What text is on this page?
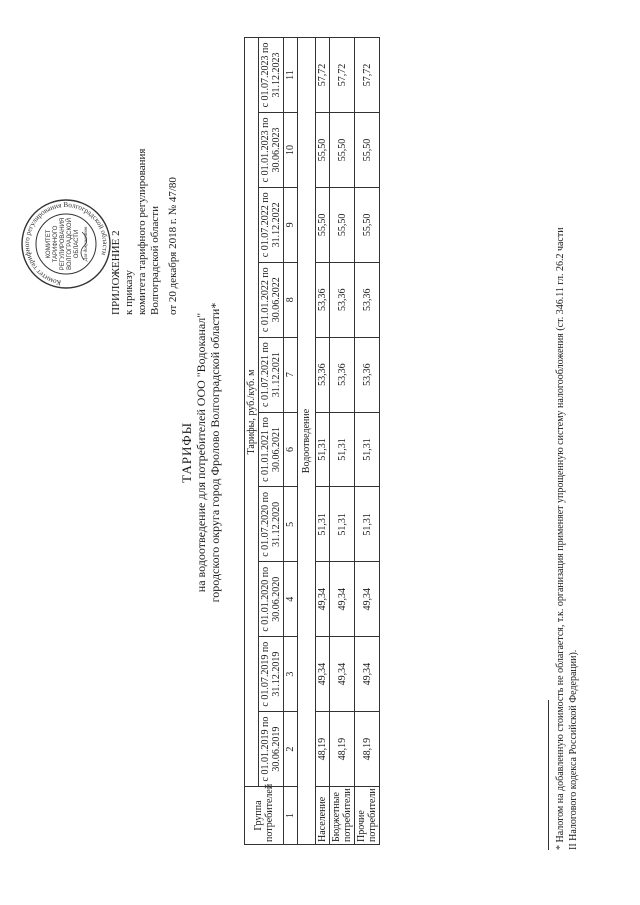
Комитет тарифного регулирования Волгоградской области
КОМИТЕТ ТАРИФНОГО РЕГУЛИРОВАНИЯ ВОЛГОГРАДСКОЙ ОБЛАСТИ Для документов ПРИЛОЖЕНИЕ 2 к приказу комитета тарифного регулирования Волгоградской области от 20 декабря 2018 г. № 47/80
ТАРИФЫ на водоотведение для потребителей ООО "Водоканал" городского округа город Фролово Волгоградской области*
Группа потребителей	Тарифы, руб./куб. м									
	с 01.01.2019 по 30.06.2019	с 01.07.2019 по 31.12.2019	с 01.01.2020 по 30.06.2020	с 01.07.2020 по 31.12.2020	с 01.01.2021 по 30.06.2021	с 01.07.2021 по 31.12.2021	с 01.01.2022 по 30.06.2022	с 01.07.2022 по 31.12.2022	с 01.01.2023 по 30.06.2023	с 01.07.2023 по 31.12.2023
1	2	3	4	5	6	7	8	9	10	11
Водоотведение										
Население	48,19	49,34	49,34	51,31	51,31	53,36	53,36	55,50	55,50	57,72
Бюджетные потребители	48,19	49,34	49,34	51,31	51,31	53,36	53,36	55,50	55,50	57,72
Прочие потребители	48,19	49,34	49,34	51,31	51,31	53,36	53,36	55,50	55,50	57,72
* Налогом на добавленную стоимость не облагается, т.к. организация применяет упрощенную систему налогообложения (ст. 346.11 гл. 26.2 части II Налогового кодекса Российской Федерации).
